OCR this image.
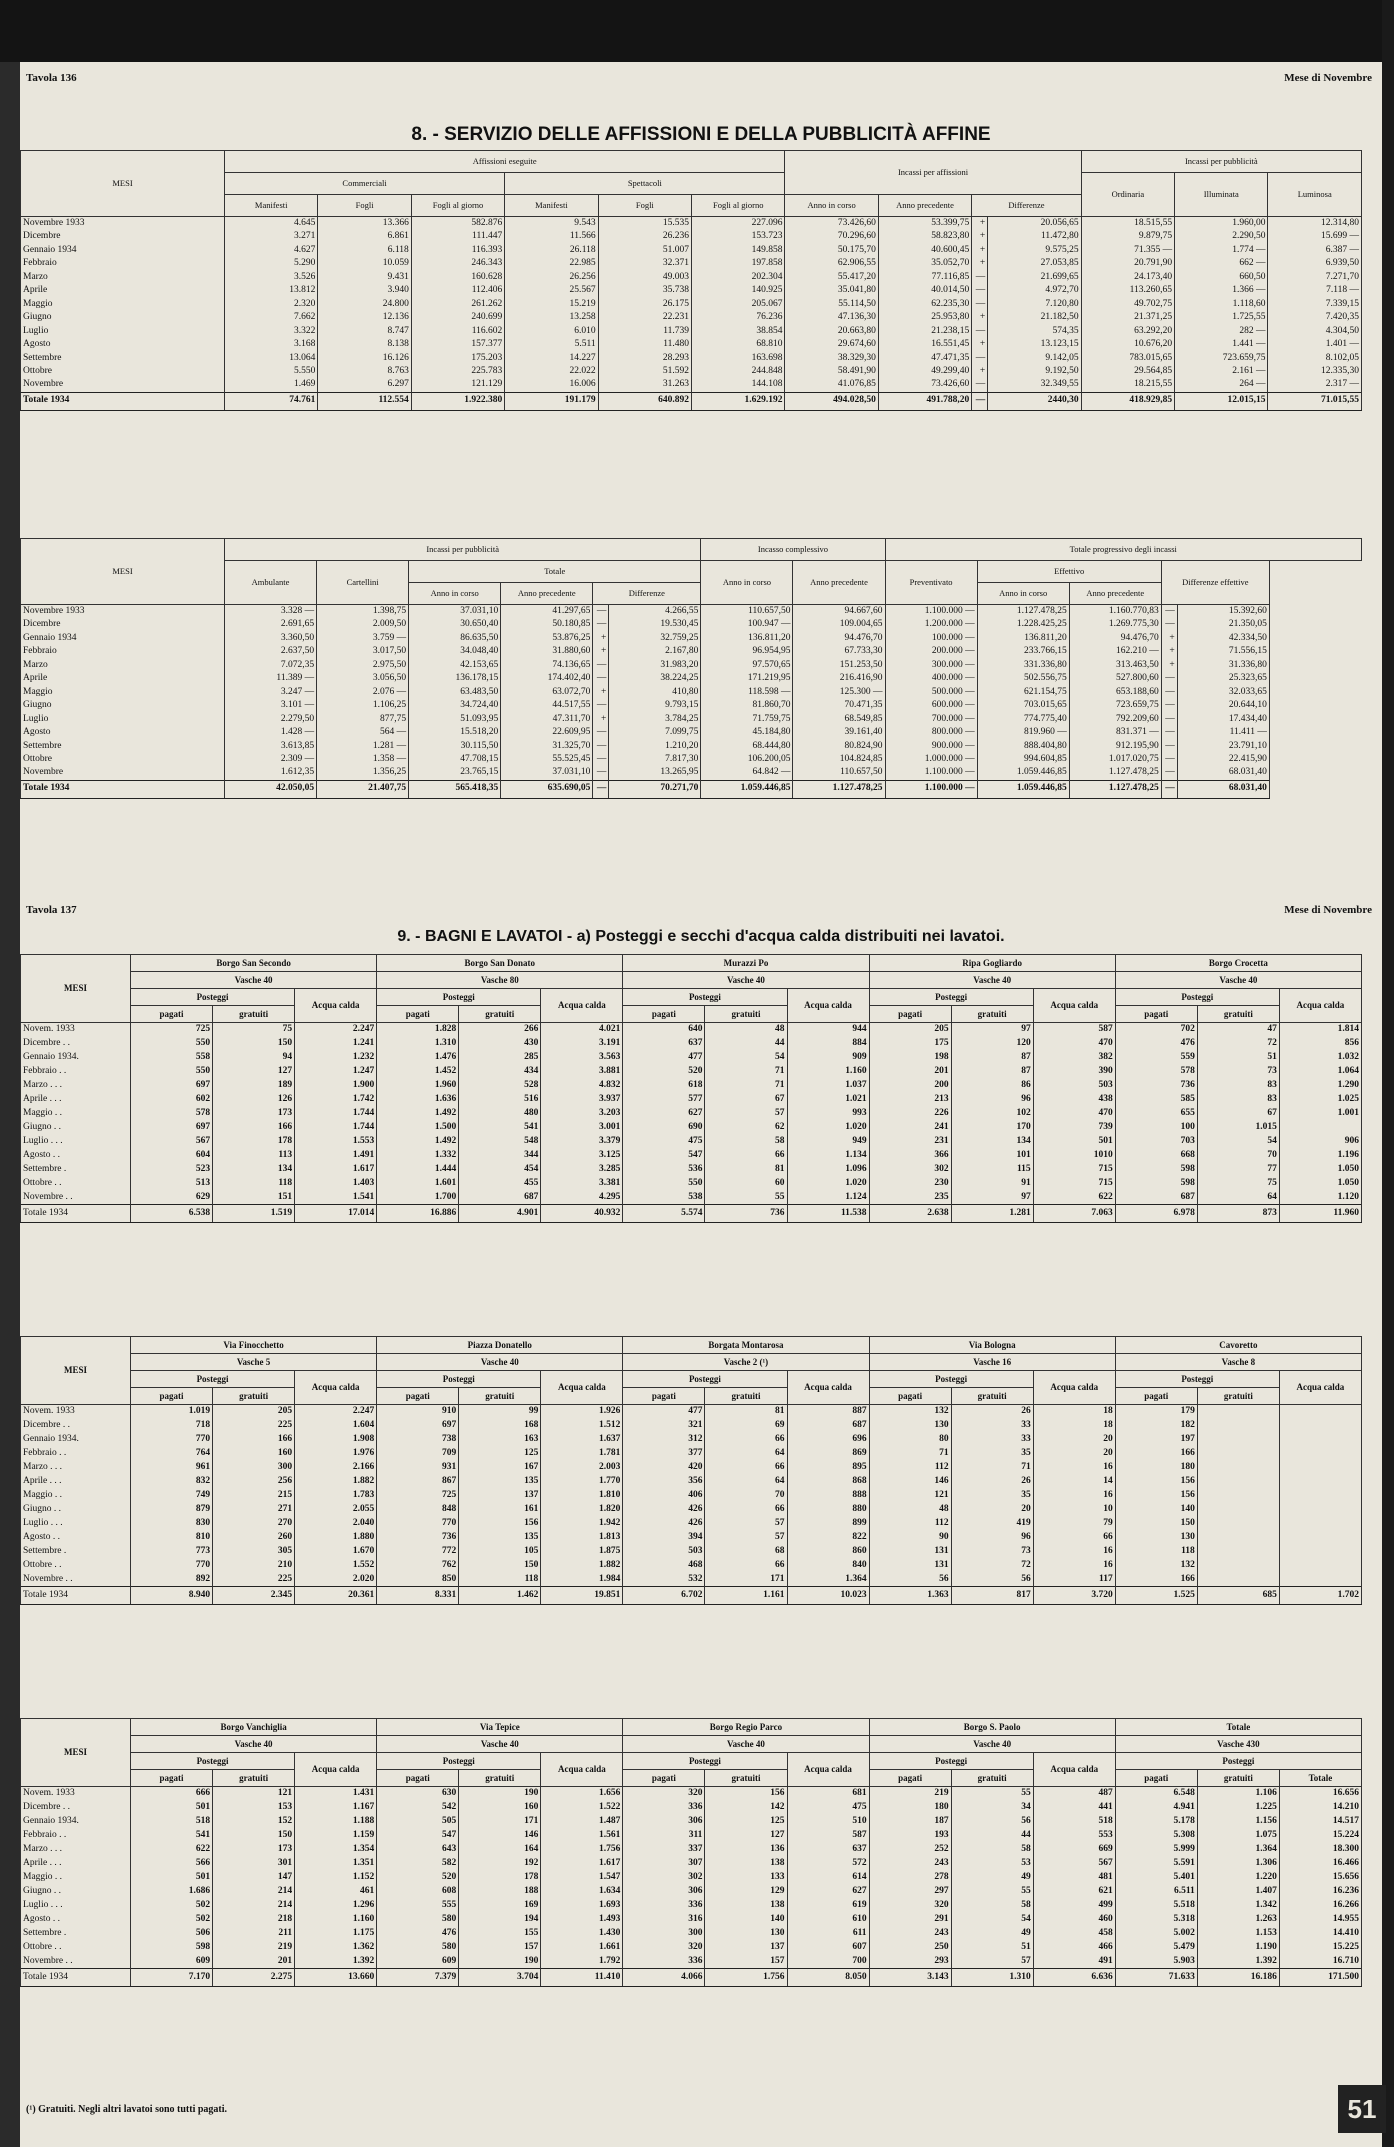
Tavola 136	Mese di Novembre
8. - SERVIZIO DELLE AFFISSIONI E DELLA PUBBLICITÀ AFFINE
MESI	Affissioni eseguite						Incassi per affissioni				Incassi per pubblicità		
	Commerciali			Spettacoli							Ordinaria	Illuminata	Luminosa
	Manifesti	Fogli	Fogli al giorno	Manifesti	Fogli	Fogli al giorno	Anno in corso	Anno precedente	Differenze				
Novembre 1933	4.645	13.366	582.876	9.543	15.535	227.096	73.426,60	53.399,75	+	20.056,65	18.515,55	1.960,00	12.314,80
Dicembre	3.271	6.861	111.447	11.566	26.236	153.723	70.296,60	58.823,80	+	11.472,80	9.879,75	2.290,50	15.699 —
Gennaio 1934	4.627	6.118	116.393	26.118	51.007	149.858	50.175,70	40.600,45	+	9.575,25	71.355 —	1.774 —	6.387 —
Febbraio	5.290	10.059	246.343	22.985	32.371	197.858	62.906,55	35.052,70	+	27.053,85	20.791,90	662 —	6.939,50
Marzo	3.526	9.431	160.628	26.256	49.003	202.304	55.417,20	77.116,85	—	21.699,65	24.173,40	660,50	7.271,70
Aprile	13.812	3.940	112.406	25.567	35.738	140.925	35.041,80	40.014,50	—	4.972,70	113.260,65	1.366 —	7.118 —
Maggio	2.320	24.800	261.262	15.219	26.175	205.067	55.114,50	62.235,30	—	7.120,80	49.702,75	1.118,60	7.339,15
Giugno	7.662	12.136	240.699	13.258	22.231	76.236	47.136,30	25.953,80	+	21.182,50	21.371,25	1.725,55	7.420,35
Luglio	3.322	8.747	116.602	6.010	11.739	38.854	20.663,80	21.238,15	—	574,35	63.292,20	282 —	4.304,50
Agosto	3.168	8.138	157.377	5.511	11.480	68.810	29.674,60	16.551,45	+	13.123,15	10.676,20	1.441 —	1.401 —
Settembre	13.064	16.126	175.203	14.227	28.293	163.698	38.329,30	47.471,35	—	9.142,05	783.015,65	723.659,75	8.102,05
Ottobre	5.550	8.763	225.783	22.022	51.592	244.848	58.491,90	49.299,40	+	9.192,50	29.564,85	2.161 —	12.335,30
Novembre	1.469	6.297	121.129	16.006	31.263	144.108	41.076,85	73.426,60	—	32.349,55	18.215,55	264 —	2.317 —
Totale 1934	74.761	112.554	1.922.380	191.179	640.892	1.629.192	494.028,50	491.788,20	—	2440,30	418.929,85	12.015,15	71.015,55
MESI	Incassi per pubblicità						Incasso complessivo		Totale progressivo degli incassi				
	Ambulante	Cartellini	Totale				Anno in corso	Anno precedente	Preventivato	Effettivo		Differenze effettive	
			Anno in corso	Anno precedente	Differenze					Anno in corso	Anno precedente		
Novembre 1933	3.328 —	1.398,75	37.031,10	41.297,65	—	4.266,55	110.657,50	94.667,60	1.100.000 —	1.127.478,25	1.160.770,83	—	15.392,60
Dicembre	2.691,65	2.009,50	30.650,40	50.180,85	—	19.530,45	100.947 —	109.004,65	1.200.000 —	1.228.425,25	1.269.775,30	—	21.350,05
Gennaio 1934	3.360,50	3.759 —	86.635,50	53.876,25	+	32.759,25	136.811,20	94.476,70	100.000 —	136.811,20	94.476,70	+	42.334,50
Febbraio	2.637,50	3.017,50	34.048,40	31.880,60	+	2.167,80	96.954,95	67.733,30	200.000 —	233.766,15	162.210 —	+	71.556,15
Marzo	7.072,35	2.975,50	42.153,65	74.136,65	—	31.983,20	97.570,65	151.253,50	300.000 —	331.336,80	313.463,50	+	31.336,80
Aprile	11.389 —	3.056,50	136.178,15	174.402,40	—	38.224,25	171.219,95	216.416,90	400.000 —	502.556,75	527.800,60	—	25.323,65
Maggio	3.247 —	2.076 —	63.483,50	63.072,70	+	410,80	118.598 —	125.300 —	500.000 —	621.154,75	653.188,60	—	32.033,65
Giugno	3.101 —	1.106,25	34.724,40	44.517,55	—	9.793,15	81.860,70	70.471,35	600.000 —	703.015,65	723.659,75	—	20.644,10
Luglio	2.279,50	877,75	51.093,95	47.311,70	+	3.784,25	71.759,75	68.549,85	700.000 —	774.775,40	792.209,60	—	17.434,40
Agosto	1.428 —	564 —	15.518,20	22.609,95	—	7.099,75	45.184,80	39.161,40	800.000 —	819.960 —	831.371 —	—	11.411 —
Settembre	3.613,85	1.281 —	30.115,50	31.325,70	—	1.210,20	68.444,80	80.824,90	900.000 —	888.404,80	912.195,90	—	23.791,10
Ottobre	2.309 —	1.358 —	47.708,15	55.525,45	—	7.817,30	106.200,05	104.824,85	1.000.000 —	994.604,85	1.017.020,75	—	22.415,90
Novembre	1.612,35	1.356,25	23.765,15	37.031,10	—	13.265,95	64.842 —	110.657,50	1.100.000 —	1.059.446,85	1.127.478,25	—	68.031,40
Totale 1934	42.050,05	21.407,75	565.418,35	635.690,05	—	70.271,70	1.059.446,85	1.127.478,25	1.100.000 —	1.059.446,85	1.127.478,25	—	68.031,40
Tavola 137	Mese di Novembre
9. - BAGNI E LAVATOI - a) Posteggi e secchi d'acqua calda distribuiti nei lavatoi.
MESI	Borgo San Secondo			Borgo San Donato			Murazzi Po			Ripa Gogliardo			Borgo Crocetta		
	Vasche 40			Vasche 80			Vasche 40			Vasche 40			Vasche 40		
	Posteggi		Acqua calda	Posteggi		Acqua calda	Posteggi		Acqua calda	Posteggi		Acqua calda	Posteggi		Acqua calda
	pagati	gratuiti		pagati	gratuiti		pagati	gratuiti		pagati	gratuiti		pagati	gratuiti	
Novem. 1933	725	75	2.247	1.828	266	4.021	640	48	944	205	97	587	702	47	1.814
Dicembre . .	550	150	1.241	1.310	430	3.191	637	44	884	175	120	470	476	72	856
Gennaio 1934.	558	94	1.232	1.476	285	3.563	477	54	909	198	87	382	559	51	1.032
Febbraio . .	550	127	1.247	1.452	434	3.881	520	71	1.160	201	87	390	578	73	1.064
Marzo . . .	697	189	1.900	1.960	528	4.832	618	71	1.037	200	86	503	736	83	1.290
Aprile . . .	602	126	1.742	1.636	516	3.937	577	67	1.021	213	96	438	585	83	1.025
Maggio . .	578	173	1.744	1.492	480	3.203	627	57	993	226	102	470	655	67	1.001
Giugno . .	697	166	1.744	1.500	541	3.001	690	62	1.020	241	170	739	100	1.015	
Luglio . . .	567	178	1.553	1.492	548	3.379	475	58	949	231	134	501	703	54	906
Agosto . .	604	113	1.491	1.332	344	3.125	547	66	1.134	366	101	1010	668	70	1.196
Settembre .	523	134	1.617	1.444	454	3.285	536	81	1.096	302	115	715	598	77	1.050
Ottobre . .	513	118	1.403	1.601	455	3.381	550	60	1.020	230	91	715	598	75	1.050
Novembre . .	629	151	1.541	1.700	687	4.295	538	55	1.124	235	97	622	687	64	1.120
Totale 1934	6.538	1.519	17.014	16.886	4.901	40.932	5.574	736	11.538	2.638	1.281	7.063	6.978	873	11.960
MESI	Via Finocchetto			Piazza Donatello			Borgata Montarosa			Via Bologna			Cavoretto		
	Vasche 5			Vasche 40			Vasche 2 (¹)			Vasche 16			Vasche 8		
	Posteggi		Acqua calda	Posteggi		Acqua calda	Posteggi		Acqua calda	Posteggi		Acqua calda	Posteggi		Acqua calda
	pagati	gratuiti		pagati	gratuiti		pagati	gratuiti		pagati	gratuiti		pagati	gratuiti	
Novem. 1933	1.019	205	2.247	910	99	1.926	477	81	887	132	26	18	179		
Dicembre . .	718	225	1.604	697	168	1.512	321	69	687	130	33	18	182		
Gennaio 1934.	770	166	1.908	738	163	1.637	312	66	696	80	33	20	197		
Febbraio . .	764	160	1.976	709	125	1.781	377	64	869	71	35	20	166		
Marzo . . .	961	300	2.166	931	167	2.003	420	66	895	112	71	16	180		
Aprile . . .	832	256	1.882	867	135	1.770	356	64	868	146	26	14	156		
Maggio . .	749	215	1.783	725	137	1.810	406	70	888	121	35	16	156		
Giugno . .	879	271	2.055	848	161	1.820	426	66	880	48	20	10	140		
Luglio . . .	830	270	2.040	770	156	1.942	426	57	899	112	419	79	150		
Agosto . .	810	260	1.880	736	135	1.813	394	57	822	90	96	66	130		
Settembre .	773	305	1.670	772	105	1.875	503	68	860	131	73	16	118		
Ottobre . .	770	210	1.552	762	150	1.882	468	66	840	131	72	16	132		
Novembre . .	892	225	2.020	850	118	1.984	532	171	1.364	56	56	117	166		
Totale 1934	8.940	2.345	20.361	8.331	1.462	19.851	6.702	1.161	10.023	1.363	817	3.720	1.525	685	1.702
MESI	Borgo Vanchiglia			Via Tepice			Borgo Regio Parco			Borgo S. Paolo			Totale		
	Vasche 40			Vasche 40			Vasche 40			Vasche 40			Vasche 430		
	Posteggi		Acqua calda	Posteggi		Acqua calda	Posteggi		Acqua calda	Posteggi		Acqua calda	Posteggi		
	pagati	gratuiti		pagati	gratuiti		pagati	gratuiti		pagati	gratuiti		pagati	gratuiti	Totale
Novem. 1933	666	121	1.431	630	190	1.656	320	156	681	219	55	487	6.548	1.106	16.656
Dicembre . .	501	153	1.167	542	160	1.522	336	142	475	180	34	441	4.941	1.225	14.210
Gennaio 1934.	518	152	1.188	505	171	1.487	306	125	510	187	56	518	5.178	1.156	14.517
Febbraio . .	541	150	1.159	547	146	1.561	311	127	587	193	44	553	5.308	1.075	15.224
Marzo . . .	622	173	1.354	643	164	1.756	337	136	637	252	58	669	5.999	1.364	18.300
Aprile . . .	566	301	1.351	582	192	1.617	307	138	572	243	53	567	5.591	1.306	16.466
Maggio . .	501	147	1.152	520	178	1.547	302	133	614	278	49	481	5.401	1.220	15.656
Giugno . .	1.686	214	461	608	188	1.634	306	129	627	297	55	621	6.511	1.407	16.236
Luglio . . .	502	214	1.296	555	169	1.693	336	138	619	320	58	499	5.518	1.342	16.266
Agosto . .	502	218	1.160	580	194	1.493	316	140	610	291	54	460	5.318	1.263	14.955
Settembre .	506	211	1.175	476	155	1.430	300	130	611	243	49	458	5.002	1.153	14.410
Ottobre . .	598	219	1.362	580	157	1.661	320	137	607	250	51	466	5.479	1.190	15.225
Novembre . .	609	201	1.392	609	190	1.792	336	157	700	293	57	491	5.903	1.392	16.710
Totale 1934	7.170	2.275	13.660	7.379	3.704	11.410	4.066	1.756	8.050	3.143	1.310	6.636	71.633	16.186	171.500
(¹) Gratuiti. Negli altri lavatoi sono tutti pagati.	51
